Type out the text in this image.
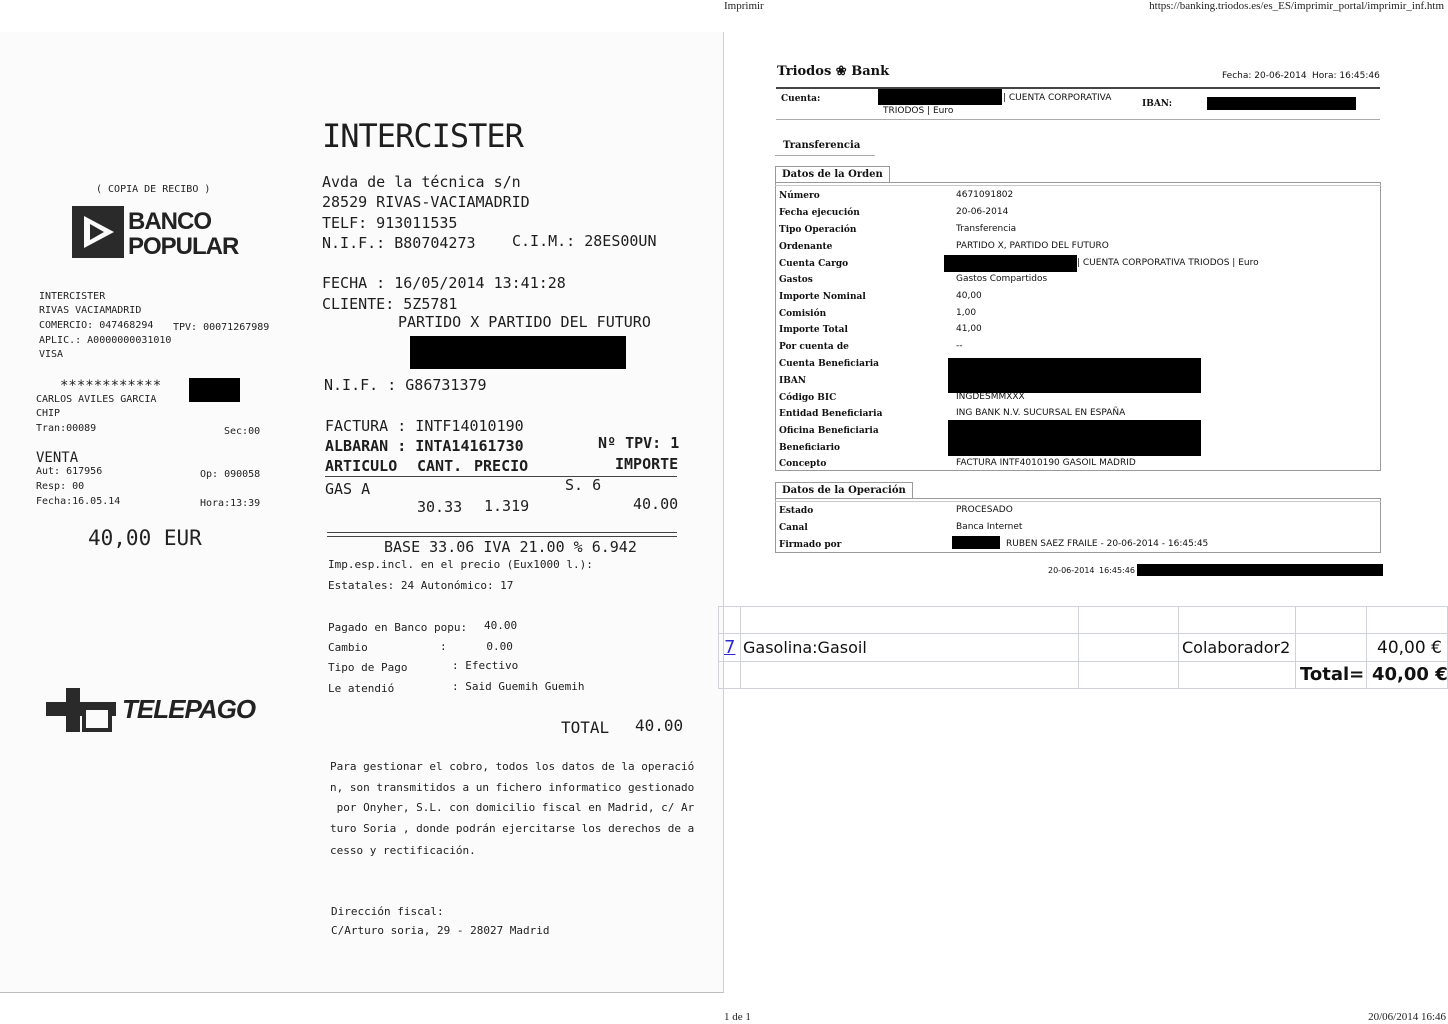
Imprimir	https://banking.triodos.es/es_ES/imprimir_portal/imprimir_inf.htm
1 de 1	20/06/2014 16:46
( COPIA DE RECIBO )
BANCO
POPULAR
INTERCISTER
RIVAS VACIAMADRID
COMERCIO: 047468294 TPV: 00071267989
APLIC.: A0000000031010
VISA
************
CARLOS AVILES GARCIA
CHIP
Tran:00089	Sec:00
VENTA
Aut: 617956	Op: 090058
Resp: 00
Fecha:16.05.14	Hora:13:39
40,00 EUR
TELEPAGO
INTERCISTER
Avda de la técnica s/n
28529 RIVAS-VACIAMADRID
TELF: 913011535
N.I.F.: B80704273 C.I.M.: 28ES00UN
FECHA : 16/05/2014 13:41:28
CLIENTE: 5Z5781
PARTIDO X PARTIDO DEL FUTURO
N.I.F. : G86731379
FACTURA : INTF14010190
ALBARAN : INTA14161730	Nº TPV: 1
ARTICULO CANT. PRECIO	IMPORTE
GAS A	S. 6
30.33 1.319	40.00
BASE 33.06 IVA 21.00 % 6.942
Imp.esp.incl. en el precio (Eux1000 l.):
Estatales: 24 Autonómico: 17
Pagado en Banco popu: 40.00
Cambio	:      0.00
Tipo de Pago	: Efectivo
Le atendió	: Said Guemih Guemih
TOTAL 40.00
Para gestionar el cobro, todos los datos de la operació
n, son transmitidos a un fichero informatico gestionado
por Onyher, S.L. con domicilio fiscal en Madrid, c/ Ar
turo Soria , donde podrán ejercitarse los derechos de a
cesso y rectificación.
Dirección fiscal:
C/Arturo soria, 29 - 28027 Madrid
Triodos ❀ Bank	Fecha: 20-06-2014 Hora: 16:45:46
Cuenta:	| CUENTA CORPORATIVA
TRIODOS | Euro
IBAN:
Transferencia
Datos de la Orden
Número	4671091802
Fecha ejecución	20-06-2014
Tipo Operación	Transferencia
Ordenante	PARTIDO X, PARTIDO DEL FUTURO
Cuenta Cargo	| CUENTA CORPORATIVA TRIODOS | Euro
Gastos	Gastos Compartidos
Importe Nominal	40,00
Comisión	1,00
Importe Total	41,00
Por cuenta de	--
Cuenta Beneficiaria
IBAN
Código BIC	INGDESMMXXX
Entidad Beneficiaria	ING BANK N.V. SUCURSAL EN ESPAÑA
Oficina Beneficiaria
Beneficiario
Concepto	FACTURA INTF4010190 GASOIL MADRID
Datos de la Operación
Estado	PROCESADO
Canal	Banca Internet
Firmado por	RUBEN SAEZ FRAILE - 20-06-2014 - 16:45:45
20-06-2014 16:45:46
7 Gasolina:Gasoil	Colaborador2	40,00 €
Total= 40,00 €
